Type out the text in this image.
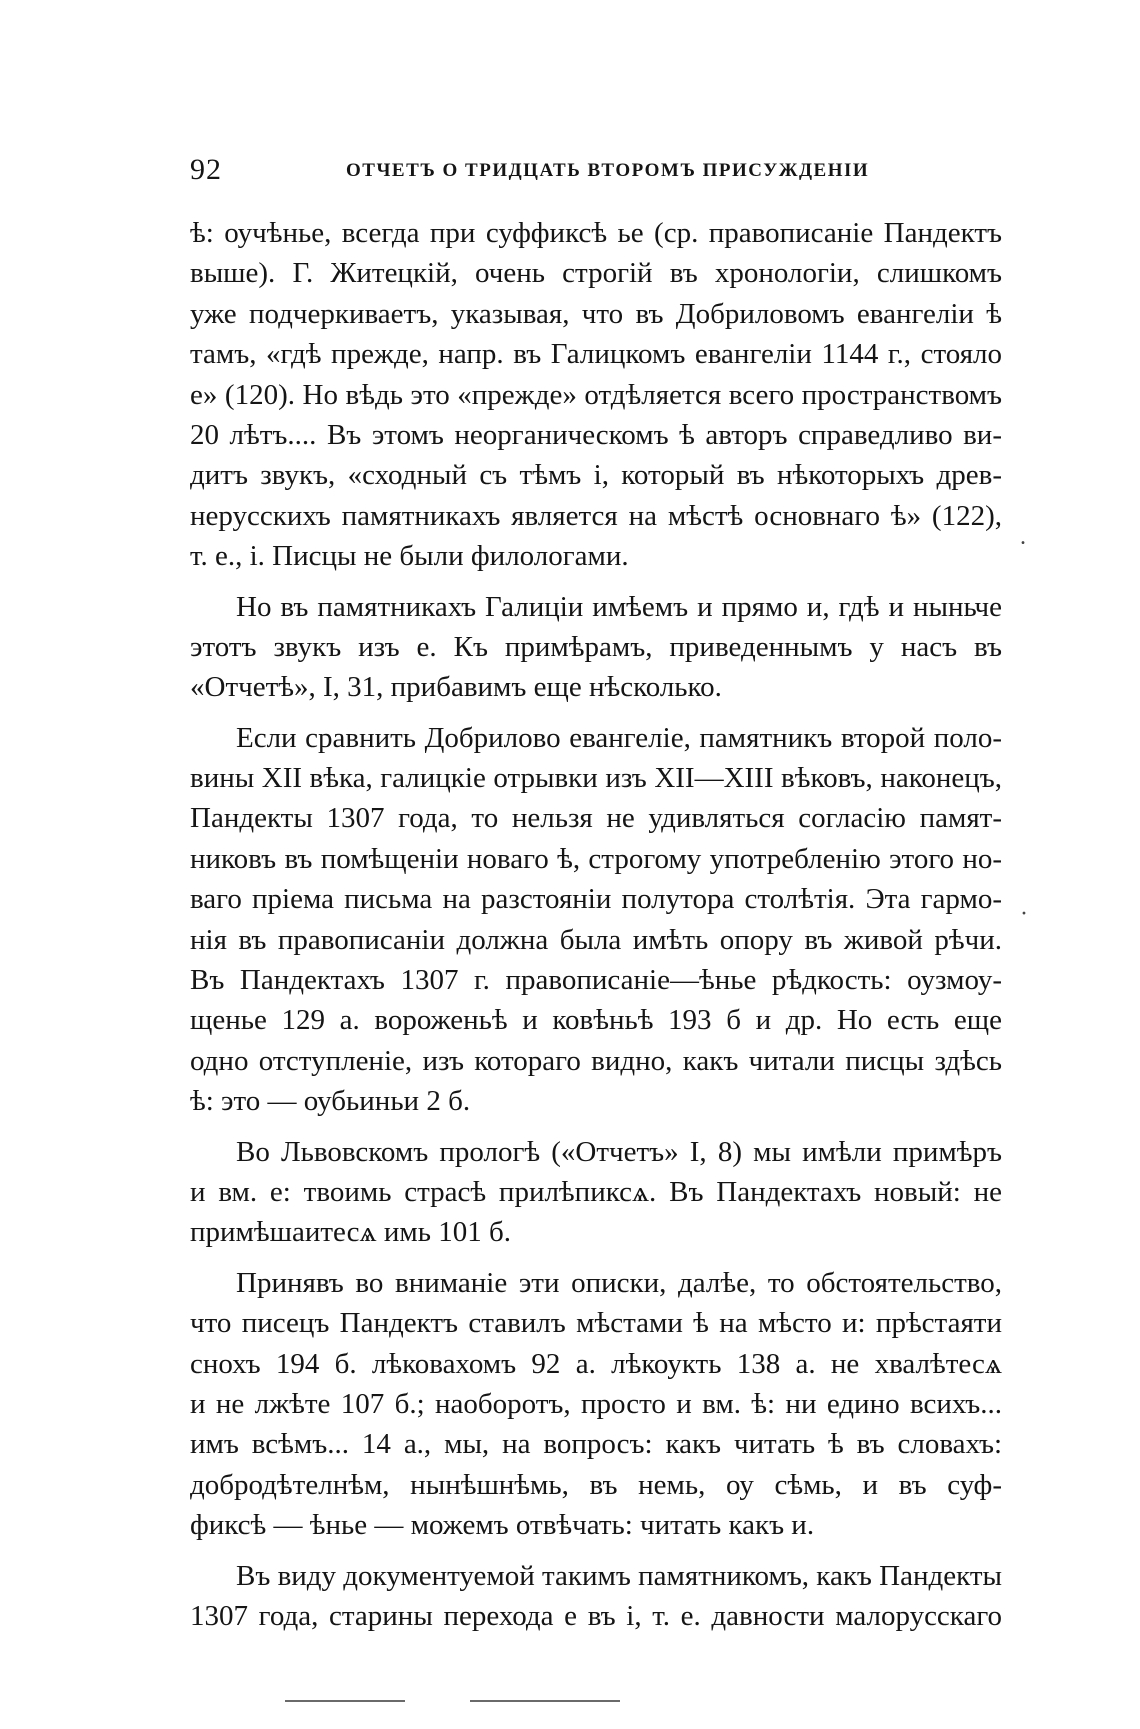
92	ОТЧЕТЪ О ТРИДЦАТЬ ВТОРОМЪ ПРИСУЖДЕНІИ
ѣ: оучѣнье, всегда при суффиксѣ ье (ср. правописаніе Пандектъ
выше). Г. Житецкій, очень строгій въ хронологіи, слишкомъ
уже подчеркиваетъ, указывая, что въ Добриловомъ евангеліи ѣ
тамъ, «гдѣ прежде, напр. въ Галицкомъ евангеліи 1144 г., стояло
е» (120). Но вѣдь это «прежде» отдѣляется всего пространствомъ
20 лѣтъ.... Въ этомъ неорганическомъ ѣ авторъ справедливо ви-
дитъ звукъ, «сходный съ тѣмъ і, который въ нѣкоторыхъ древ-
нерусскихъ памятникахъ является на мѣстѣ основнаго ѣ» (122),
т. е., і. Писцы не были филологами.
Но въ памятникахъ Галиціи имѣемъ и прямо и, гдѣ и ныньче
этотъ звукъ изъ е. Къ примѣрамъ, приведеннымъ у насъ въ
«Отчетѣ», I, 31, прибавимъ еще нѣсколько.
Если сравнить Добрилово евангеліе, памятникъ второй поло-
вины XII вѣка, галицкіе отрывки изъ XII—XIII вѣковъ, наконецъ,
Пандекты 1307 года, то нельзя не удивляться согласію памят-
никовъ въ помѣщеніи новаго ѣ, строгому употребленію этого но-
ваго пріема письма на разстояніи полутора столѣтія. Эта гармо-
нія въ правописаніи должна была имѣть опору въ живой рѣчи.
Въ Пандектахъ 1307 г. правописаніе—ѣнье рѣдкость: оузмоу-
щенье 129 а. вороженьѣ и ковѣньѣ 193 б и др. Но есть еще
одно отступленіе, изъ котораго видно, какъ читали писцы здѣсь
ѣ: это — оубьиньи 2 б.
Во Львовскомъ прологѣ («Отчетъ» I, 8) мы имѣли примѣръ
и вм. е: твоимь страсѣ прилѣпиксѧ. Въ Пандектахъ новый: не
примѣшаитесѧ имь 101 б.
Принявъ во вниманіе эти описки, далѣе, то обстоятельство,
что писецъ Пандектъ ставилъ мѣстами ѣ на мѣсто и: прѣстаяти
снохъ 194 б. лѣковахомъ 92 а. лѣкоукть 138 а. не хвалѣтесѧ
и не лжѣте 107 б.; наоборотъ, просто и вм. ѣ: ни едино всихъ...
имъ всѣмъ... 14 а., мы, на вопросъ: какъ читать ѣ въ словахъ:
добродѣтелнѣм, нынѣшнѣмь, въ немь, оу сѣмь, и въ суф-
фиксѣ — ѣнье — можемъ отвѣчать: читать какъ и.
Въ виду документуемой такимъ памятникомъ, какъ Пандекты
1307 года, старины перехода е въ і, т. е. давности малорусскаго
.
·
